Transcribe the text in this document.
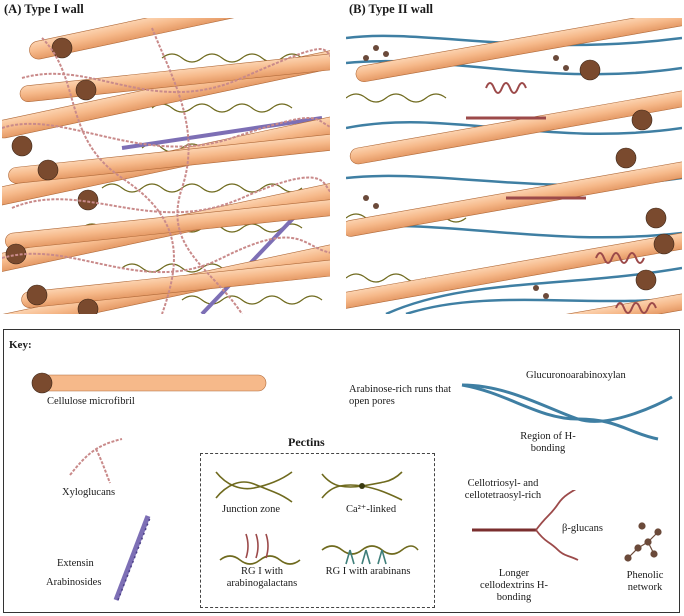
(A) Type I wall	(B) Type II wall
Key:
Cellulose microfibril
Glucuronoarabinoxylan
Arabinose-rich runs that open pores
Region of H-bonding
Xyloglucans
Extensin
Arabinosides
Pectins
Junction zone	Ca²⁺-linked
RG I with arabinogalactans
RG I with arabinans
Cellotriosyl- and cellotetraosyl-rich
β-glucans
Longer cellodextrins H-bonding
Phenolic network
